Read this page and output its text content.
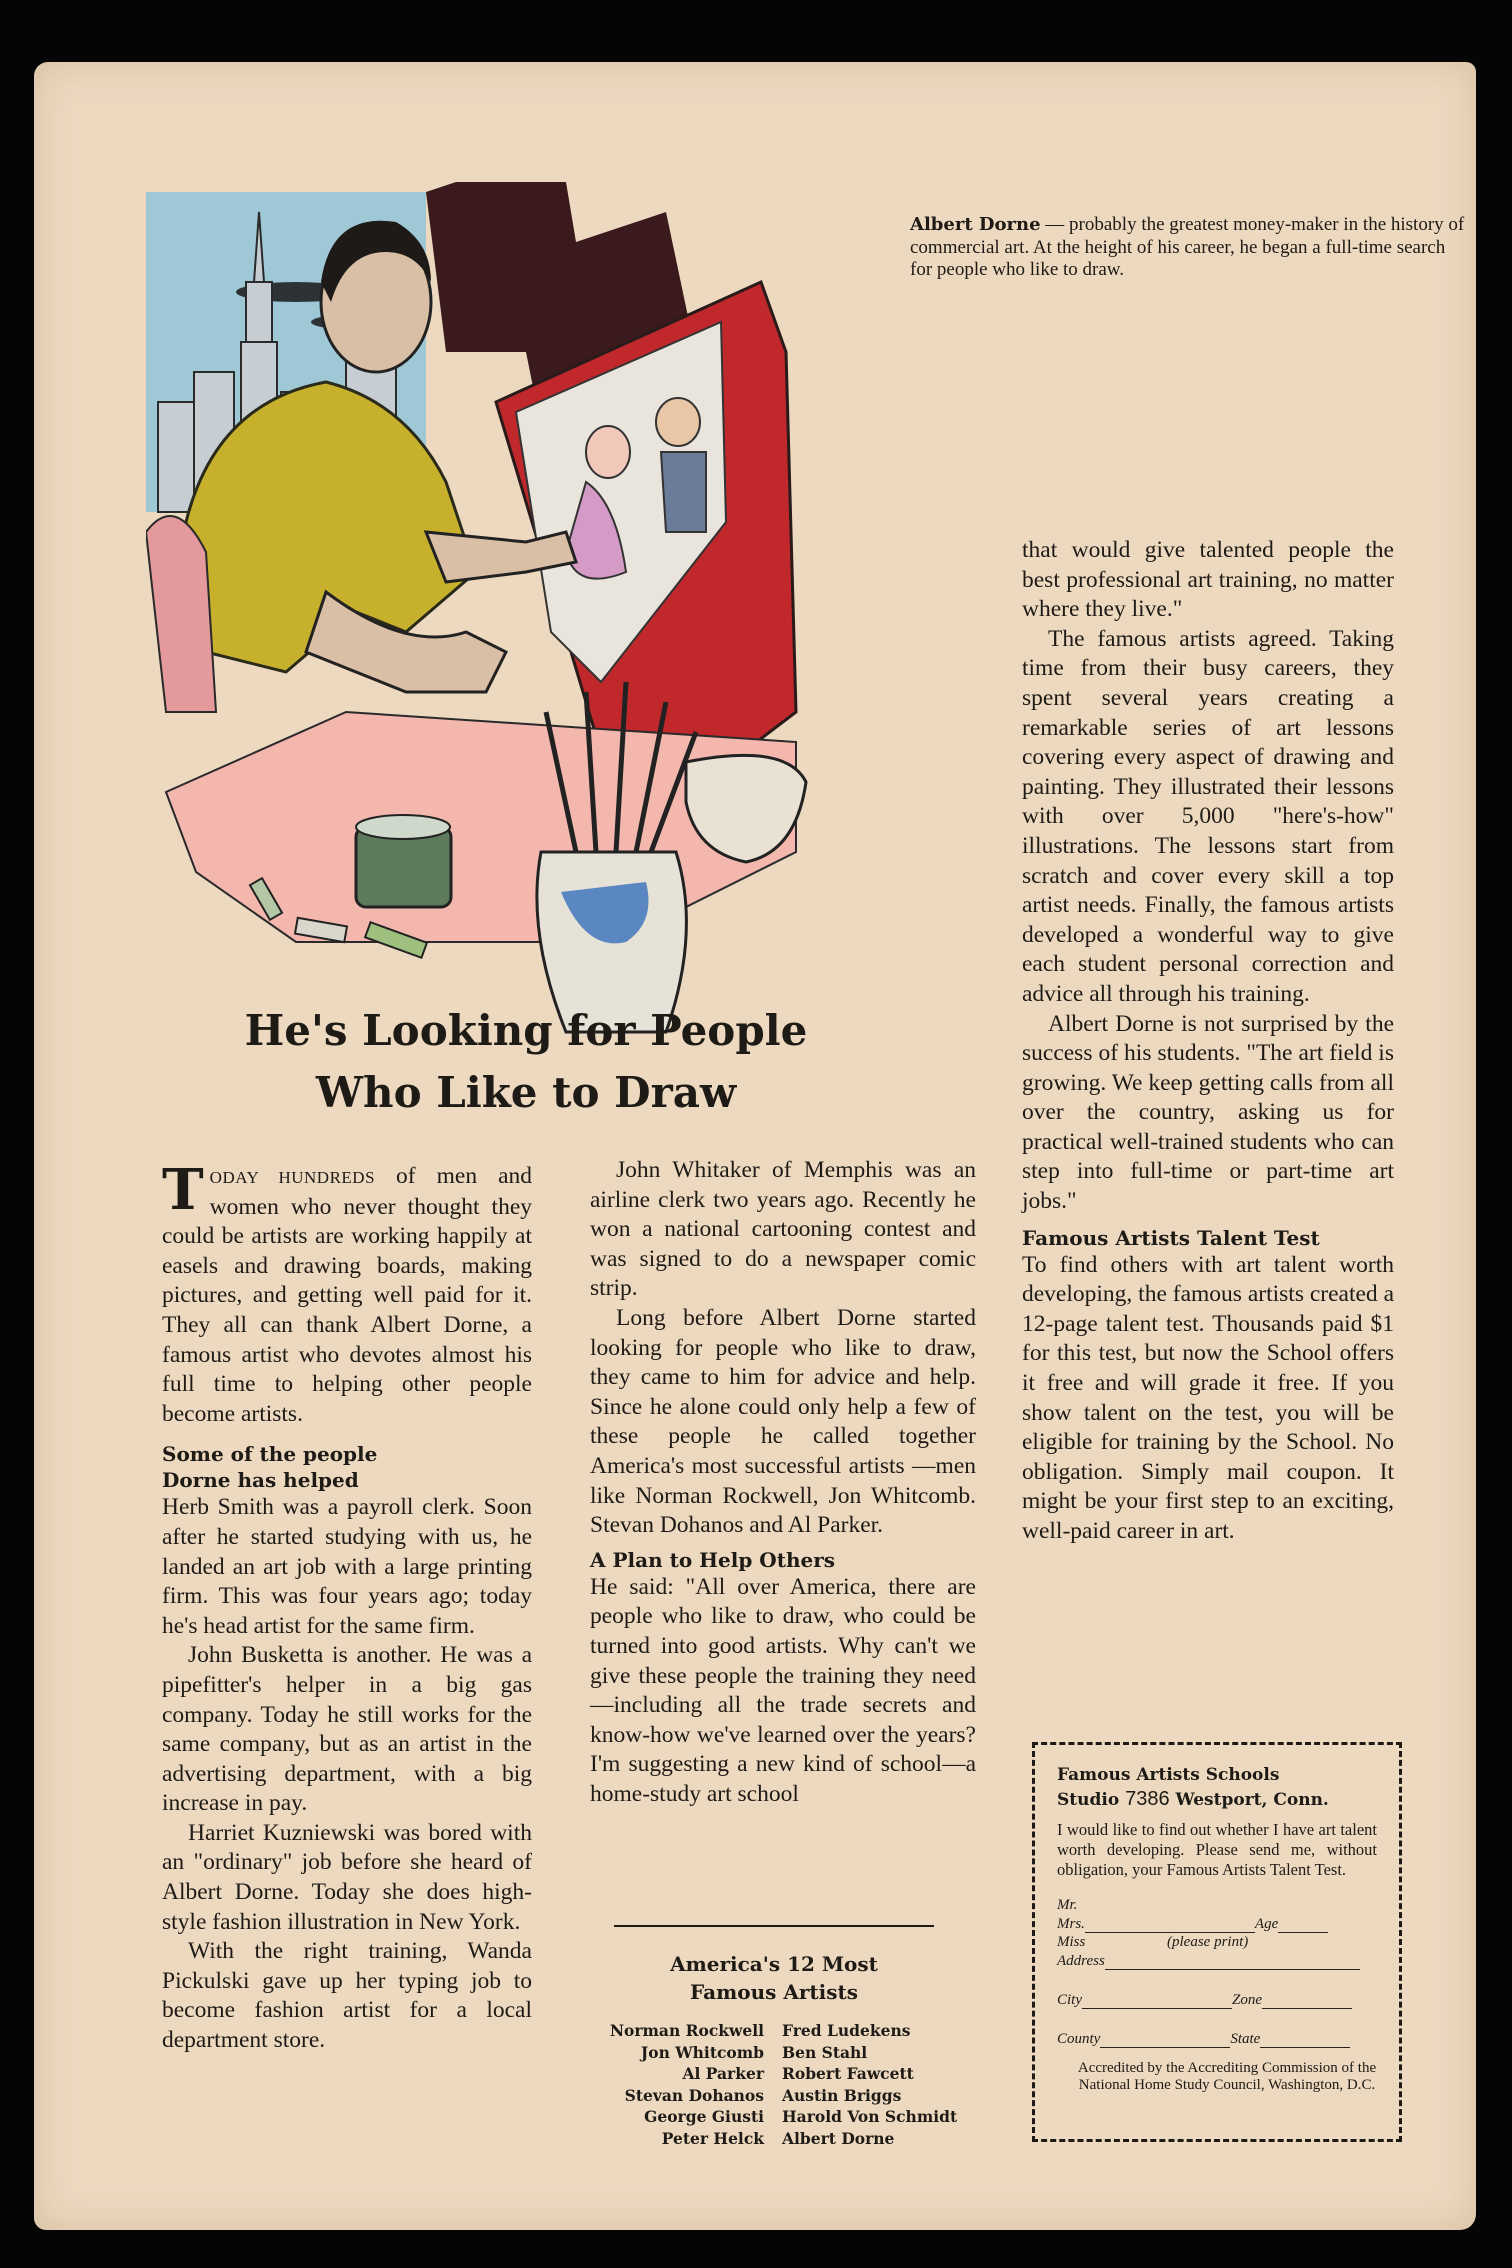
Albert Dorne — probably the greatest money-maker in the history of commercial art. At the height of his career, he began a full-time search for people who like to draw.
He's Looking for People
Who Like to Draw

TODAY HUNDREDS of men and women who never thought they could be artists are working happily at easels and drawing boards, making pictures, and getting well paid for it. They all can thank Albert Dorne, a famous artist who devotes almost his full time to helping other people become artists.

Some of the people Dorne has helped

Herb Smith was a payroll clerk. Soon after he started studying with us, he landed an art job with a large printing firm. This was four years ago; today he's head artist for the same firm.

John Busketta is another. He was a pipefitter's helper in a big gas company. Today he still works for the same company, but as an artist in the advertising department, with a big increase in pay.

Harriet Kuzniewski was bored with an "ordinary" job before she heard of Albert Dorne. Today she does high-style fashion illustration in New York.

With the right training, Wanda Pickulski gave up her typing job to become fashion artist for a local department store.

John Whitaker of Memphis was an airline clerk two years ago. Recently he won a national cartooning contest and was signed to do a newspaper comic strip.

Long before Albert Dorne started looking for people who like to draw, they came to him for advice and help. Since he alone could only help a few of these people he called together America's most successful artists —men like Norman Rockwell, Jon Whitcomb. Stevan Dohanos and Al Parker.

A Plan to Help Others

He said: "All over America, there are people who like to draw, who could be turned into good artists. Why can't we give these people the training they need—including all the trade secrets and know-how we've learned over the years? I'm suggesting a new kind of school—a home-study art school

America's 12 Most
Famous Artists
Norman Rockwell	Fred Ludekens
Jon Whitcomb	Ben Stahl
Al Parker	Robert Fawcett
Stevan Dohanos	Austin Briggs
George Giusti	Harold Von Schmidt
Peter Helck	Albert Dorne

that would give talented people the best professional art training, no matter where they live."

The famous artists agreed. Taking time from their busy careers, they spent several years creating a remarkable series of art lessons covering every aspect of drawing and painting. They illustrated their lessons with over 5,000 "here's-how" illustrations. The lessons start from scratch and cover every skill a top artist needs. Finally, the famous artists developed a wonderful way to give each student personal correction and advice all through his training.

Albert Dorne is not surprised by the success of his students. "The art field is growing. We keep getting calls from all over the country, asking us for practical well-trained students who can step into full-time or part-time art jobs."

Famous Artists Talent Test

To find others with art talent worth developing, the famous artists created a 12-page talent test. Thousands paid $1 for this test, but now the School offers it free and will grade it free. If you show talent on the test, you will be eligible for training by the School. No obligation. Simply mail coupon. It might be your first step to an exciting, well-paid career in art.

Famous Artists Schools
Studio 7386 Westport, Conn.
I would like to find out whether I have art talent worth developing. Please send me, without obligation, your Famous Artists Talent Test.
Mr.
Mrs.	Age
Miss	(please print)
Address
City	Zone
County	State
Accredited by the Accrediting Commission of the National Home Study Council, Washington, D.C.
